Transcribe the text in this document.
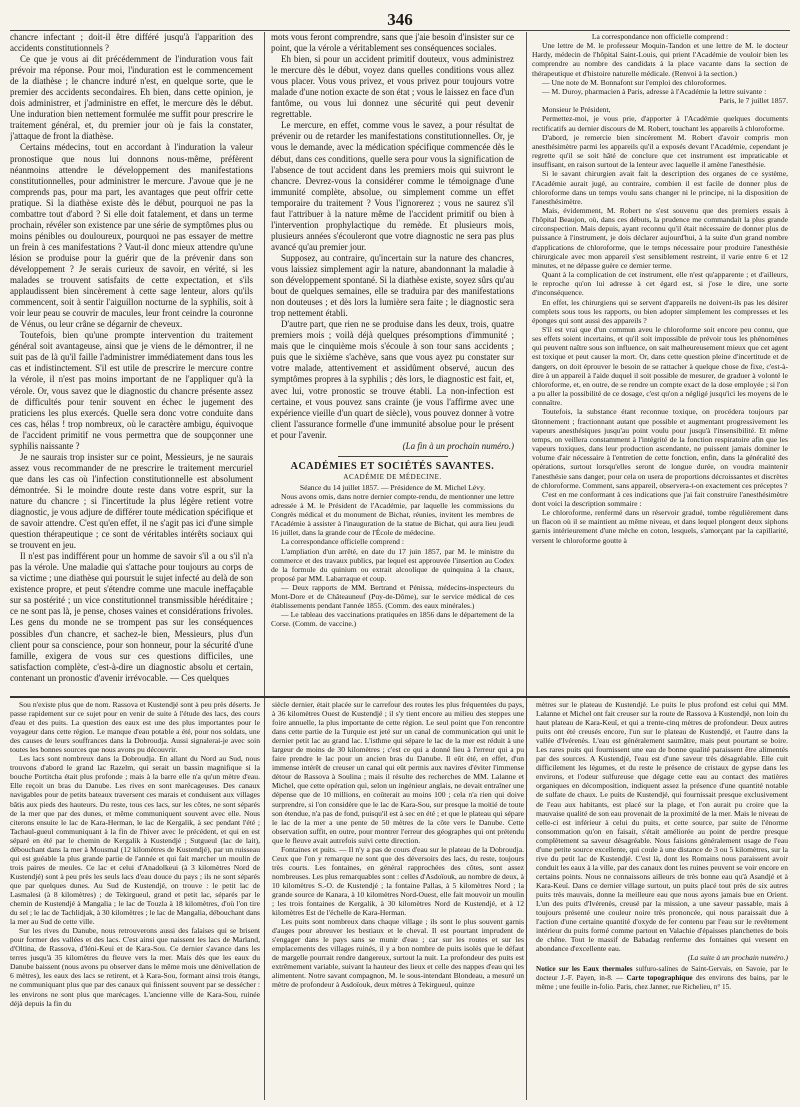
346

chancre infectant ; doit-il être différé jusqu'à l'apparition des accidents constitutionnels ?

Ce que je vous ai dit précédemment de l'induration vous fait prévoir ma réponse. Pour moi, l'induration est le commencement de la diathèse ; le chancre induré n'est, en quelque sorte, que le premier des accidents secondaires. Eh bien, dans cette opinion, je dois administrer, et j'administre en effet, le mercure dès le début. Une induration bien nettement formulée me suffit pour prescrire le traitement général, et, du premier jour où je fais la constater, j'attaque de front la diathèse.

Certains médecins, tout en accordant à l'induration la valeur pronostique que nous lui donnons nous-même, préfèrent néanmoins attendre le développement des manifestations constitutionnelles, pour administrer le mercure. J'avoue que je ne comprends pas, pour ma part, les avantages que peut offrir cette pratique. Si la diathèse existe dès le début, pourquoi ne pas la combattre tout d'abord ? Si elle doit fatalement, et dans un terme prochain, révéler son existence par une série de symptômes plus ou moins pénibles ou douloureux, pourquoi ne pas essayer de mettre un frein à ces manifestations ? Vaut-il donc mieux attendre qu'une lésion se produise pour la guérir que de la prévenir dans son développement ? Je serais curieux de savoir, en vérité, si les malades se trouvent satisfaits de cette expectation, et s'ils applaudissent bien sincèrement à cette sage lenteur, alors qu'ils commencent, soit à sentir l'aiguillon nocturne de la syphilis, soit à voir leur peau se couvrir de macules, leur front ceindre la couronne de Vénus, ou leur crâne se dégarnir de cheveux.

Toutefois, bien qu'une prompte intervention du traitement général soit avantageuse, ainsi que je viens de le démontrer, il ne suit pas de là qu'il faille l'administrer immédiatement dans tous les cas et indistinctement. S'il est utile de prescrire le mercure contre la vérole, il n'est pas moins important de ne l'appliquer qu'à la vérole. Or, vous savez que le diagnostic du chancre présente assez de difficultés pour tenir souvent en échec le jugement des praticiens les plus exercés. Quelle sera donc votre conduite dans ces cas, hélas ! trop nombreux, où le caractère ambigu, équivoque de l'accident primitif ne vous permettra que de soupçonner une syphilis naissante ?

Je ne saurais trop insister sur ce point, Messieurs, je ne saurais assez vous recommander de ne prescrire le traitement mercuriel que dans les cas où l'infection constitutionnelle est absolument démontrée. Si le moindre doute reste dans votre esprit, sur la nature du chancre ; si l'incertitude la plus légère retient votre diagnostic, je vous adjure de différer toute médication spécifique et de savoir attendre. C'est qu'en effet, il ne s'agit pas ici d'une simple question thérapeutique ; ce sont de véritables intérêts sociaux qui se trouvent en jeu.

Il n'est pas indifférent pour un homme de savoir s'il a ou s'il n'a pas la vérole. Une maladie qui s'attache pour toujours au corps de sa victime ; une diathèse qui poursuit le sujet infecté au delà de son existence propre, et peut s'étendre comme une macule ineffaçable sur sa postérité ; un vice constitutionnel transmissible héréditaire ; ce ne sont pas là, je pense, choses vaines et considérations frivoles. Les gens du monde ne se trompent pas sur les conséquences possibles d'un chancre, et sachez-le bien, Messieurs, plus d'un client pour sa conscience, pour son honneur, pour la sécurité d'une famille, exigera de vous sur ces questions difficiles, une satisfaction complète, c'est-à-dire un diagnostic absolu et certain, contenant un pronostic d'avenir irrévocable. — Ces quelques

mots vous feront comprendre, sans que j'aie besoin d'insister sur ce point, que la vérole a véritablement ses conséquences sociales.

Eh bien, si pour un accident primitif douteux, vous administrez le mercure dès le début, voyez dans quelles conditions vous allez vous placer. Vous vous privez, et vous privez pour toujours votre malade d'une notion exacte de son état ; vous le laissez en face d'un fantôme, ou vous lui donnez une sécurité qui peut devenir regrettable.

Le mercure, en effet, comme vous le savez, a pour résultat de prévenir ou de retarder les manifestations constitutionnelles. Or, je vous le demande, avec la médication spécifique commencée dès le début, dans ces conditions, quelle sera pour vous la signification de l'absence de tout accident dans les premiers mois qui suivront le chancre. Devrez-vous la considérer comme le témoignage d'une immunité complète, absolue, ou simplement comme un effet temporaire du traitement ? Vous l'ignorerez ; vous ne saurez s'il faut l'attribuer à la nature même de l'accident primitif ou bien à l'intervention prophylactique du remède. Et plusieurs mois, plusieurs années s'écouleront que votre diagnostic ne sera pas plus avancé qu'au premier jour.

Supposez, au contraire, qu'incertain sur la nature des chancres, vous laissiez simplement agir la nature, abandonnant la maladie à son développement spontané. Si la diathèse existe, soyez sûrs qu'au bout de quelques semaines, elle se traduira par des manifestations non douteuses ; et dès lors la lumière sera faite ; le diagnostic sera trop nettement établi.

D'autre part, que rien ne se produise dans les deux, trois, quatre premiers mois ; voilà déjà quelques présomptions d'immunité ; mais que le cinquième mois s'écoule à son tour sans accidents ; puis que le sixième s'achève, sans que vous ayez pu constater sur votre malade, attentivement et assidûment observé, aucun des symptômes propres à la syphilis ; dès lors, le diagnostic est fait, et, avec lui, votre pronostic se trouve établi. La non-infection est certaine, et vous pouvez sans crainte (je vous l'affirme avec une expérience vieille d'un quart de siècle), vous pouvez donner à votre client l'assurance formelle d'une immunité absolue pour le présent et pour l'avenir.

(La fin à un prochain numéro.)

ACADÉMIES ET SOCIÉTÉS SAVANTES.

ACADÉMIE DE MÉDECINE.

Séance du 14 juillet 1857. — Présidence de M. Michel Lévy.

Nous avons omis, dans notre dernier compte-rendu, de mentionner une lettre adressée à M. le Président de l'Académie, par laquelle les commissions du Congrès médical et du monument de Bichat, réunies, invitent les membres de l'Académie à assister à l'inauguration de la statue de Bichat, qui aura lieu jeudi 16 juillet, dans la grande cour de l'École de médecine.

La correspondance officielle comprend :

L'ampliation d'un arrêté, en date du 17 juin 1857, par M. le ministre du commerce et des travaux publics, par lequel est approuvée l'insertion au Codex de la formule du quinium ou extrait alcoolique de quinquina à la chaux, proposé par MM. Labarraque et coup.

— Deux rapports de MM. Bertrand et Pénissa, médecins-inspecteurs du Mont-Dore et de Châteauneuf (Puy-de-Dôme), sur le service médical de ces établissements pendant l'année 1855. (Comm. des eaux minérales.)

— Le tableau des vaccinations pratiquées en 1856 dans le département de la Corse. (Comm. de vaccine.)

La correspondance non officielle comprend :

Une lettre de M. le professeur Moquin-Tandon et une lettre de M. le docteur Hardy, médecin de l'hôpital Saint-Louis, qui prient l'Académie de vouloir bien les comprendre au nombre des candidats à la place vacante dans la section de thérapeutique et d'histoire naturelle médicale. (Renvoi à la section.)

— Une note de M. Bonnafont sur l'emploi des chloroformes.

— M. Duroy, pharmacien à Paris, adresse à l'Académie la lettre suivante :

Paris, le 7 juillet 1857.

Monsieur le Président,

Permettez-moi, je vous prie, d'apporter à l'Académie quelques documents rectificatifs au dernier discours de M. Robert, touchant les appareils à chloroforme.

D'abord, je remercie bien sincèrement M. Robert d'avoir compris mon anesthésimètre parmi les appareils qu'il a exposés devant l'Académie, cependant je regrette qu'il se soit hâté de conclure que cet instrument est impraticable et insuffisant, en raison surtout de la lenteur avec laquelle il amène l'anesthésie.

Si le savant chirurgien avait fait la description des organes de ce système, l'Académie aurait jugé, au contraire, combien il est facile de donner plus de chloroforme dans un temps voulu sans changer ni le principe, ni la disposition de l'anesthésimètre.

Mais, évidemment, M. Robert ne s'est souvenu que des premiers essais à l'hôpital Beaujon, où, dans ces débuts, la prudence me commandait la plus grande circonspection. Mais depuis, ayant reconnu qu'il était nécessaire de donner plus de puissance à l'instrument, je dois déclarer aujourd'hui, à la suite d'un grand nombre d'applications de chloroforme, que le temps nécessaire pour produire l'anesthésie chirurgicale avec mon appareil s'est sensiblement restreint, il varie entre 6 et 12 minutes, et ne dépasse guère ce dernier terme.

Quant à la complication de cet instrument, elle n'est qu'apparente ; et d'ailleurs, le reproche qu'on lui adresse à cet égard est, si j'ose le dire, une sorte d'inconséquence.

En effet, les chirurgiens qui se servent d'appareils ne doivent-ils pas les désirer complets sous tous les rapports, ou bien adopter simplement les compresses et les éponges qui sont aussi des appareils ?

S'il est vrai que d'un commun aveu le chloroforme soit encore peu connu, que ses effets soient incertains, et qu'il soit impossible de prévoir tous les phénomènes qui peuvent naître sous son influence, on sait malheureusement mieux que cet agent est toxique et peut causer la mort. Or, dans cette question pleine d'incertitude et de dangers, on doit éprouver le besoin de se rattacher à quelque chose de fixe, c'est-à-dire à un appareil à l'aide duquel il soit possible de mesurer, de graduer à volonté le chloroforme, et, en outre, de se rendre un compte exact de la dose employée ; si l'on a pu aller la possibilité de ce dosage, c'est qu'on a négligé jusqu'ici les moyens de le connaître.

Toutefois, la substance étant reconnue toxique, on procédera toujours par tâtonnement ; fractionnant autant que possible et augmentant progressivement les vapeurs anesthésiques jusqu'au point voulu pour jusqu'à l'insensibilité. Et même temps, on veillera constamment à l'intégrité de la fonction respiratoire afin que les vapeurs toxiques, dans leur production ascendante, ne puissent jamais dominer le volume d'air nécessaire à l'entretien de cette fonction, enfin, dans la généralité des opérations, surtout lorsqu'elles seront de longue durée, on voudra maintenir l'anesthésie sans danger, pour cela on usera de proportions décroissantes et discrètes de chloroforme. Comment, sans appareil, observera-t-on exactement ces préceptes ?

C'est en me conformant à ces indications que j'ai fait construire l'anesthésimètre dont voici la description sommaire :

Le chloroforme, renfermé dans un réservoir gradué, tombe régulièrement dans un flacon où il se maintient au même niveau, et dans lequel plongent deux siphons garnis intérieurement d'une mèche en coton, lesquels, s'amorçant par la capillarité, versent le chloroforme goutte à

Sou n'existe plus que de nom. Rassova et Kustendjé sont à peu près déserts. Je passe rapidement sur ce sujet pour en venir de suite à l'étude des lacs, des cours d'eau et des puits. La question des eaux est une des plus importantes pour le voyageur dans cette région. Le manque d'eau potable a été, pour nos soldats, une des causes de leurs souffrances dans la Dobroudja. Aussi signalerai-je avec soin toutes les bonnes sources que nous avons pu découvrir.

Les lacs sont nombreux dans la Dobroudja. En allant du Nord au Sud, nous trouvons d'abord le grand lac Razelm, qui serait un bassin magnifique si la bouche Portitcha était plus profonde ; mais à la barre elle n'a qu'un mètre d'eau. Elle reçoit un bras du Danube. Les rives en sont marécageuses. Des canaux navigables pour de petits bateaux traversent ces marais et conduisent aux villages bâtis aux pieds des hauteurs. Du reste, tous ces lacs, sur les côtes, ne sont séparés de la mer que par des dunes, et même communiquent souvent avec elle. Nous citerons ensuite le lac de Kara-Herman, le lac de Kergalik, à sec pendant l'été ; Tachaul-gueul communiquant à la fin de l'hiver avec le précédent, et qui en est séparé en été par le chemin de Kergalik à Kustendjé ; Sutgueul (lac de lait), débouchant dans la mer à Mousmal (12 kilomètres de Kustendjé), par un ruisseau qui est guéable la plus grande partie de l'année et qui fait marcher un moulin de trois paires de meules. Ce lac et celui d'Anadolkeui (à 3 kilomètres Nord de Kustendjé) sont à peu près les seuls lacs d'eau douce du pays ; ils ne sont séparés que par quelques dunes. Au Sud de Kustendjé, on trouve : le petit lac de Lasmalesi (à 8 kilomètres) ; de Tekirgueul, grand et petit lac, séparés par le chemin de Kustendjé à Mangalia ; le lac de Touzla à 18 kilomètres, d'où l'on tire du sel ; le lac de Tachlidjak, à 30 kilomètres ; le lac de Mangalia, débouchant dans la mer au Sud de cette ville.

Sur les rives du Danube, nous retrouverons aussi des falaises qui se brisent pour former des vallées et des lacs. C'est ainsi que naissent les lacs de Marland, d'Oltina, de Rassova, d'Iéni-Keui et de Kara-Sou. Ce dernier s'avance dans les terres jusqu'à 35 kilomètres du fleuve vers la mer. Mais dès que les eaux du Danube baissent (nous avons pu observer dans le même mois une dénivellation de 6 mètres), les eaux des lacs se retirent, et à Kara-Sou, formant ainsi trois étangs, ne communiquant plus que par des canaux qui finissent souvent par se dessécher : les environs ne sont plus que marécages. L'ancienne ville de Kara-Sou, ruinée déjà depuis la fin du

siècle dernier, était placée sur le carrefour des routes les plus fréquentées du pays, à 36 kilomètres Ouest de Kustendjé ; il s'y tient encore au milieu des steppes une foire annuelle, la plus importante de cette région. Le seul point que l'on rencontre dans cette partie de la Turquie est jeté sur un canal de communication qui unit le dernier petit lac au grand lac. L'isthme qui sépare le lac de la mer est réduit à une largeur de moins de 30 kilomètres ; c'est ce qui a donné lieu à l'erreur qui a pu faire prendre le lac pour un ancien bras du Danube. Il eût été, en effet, d'un immense intérêt de creuser un canal qui eût permis aux navires d'éviter l'immense détour de Rassova à Soulina ; mais il résulte des recherches de MM. Lalanne et Michel, que cette opération qui, selon un ingénieur anglais, ne devait entraîner une dépense que de 10 millions, en coûterait au moins 100 ; cela n'a rien qui doive surprendre, si l'on considère que le lac de Kara-Sou, sur presque la moitié de toute son étendue, n'a pas de fond, puisqu'il est à sec en été ; et que le plateau qui sépare le lac de la mer a une pente de 50 mètres de la côte vers le Danube. Cette observation suffit, en outre, pour montrer l'erreur des géographes qui ont prétendu que le fleuve avait autrefois suivi cette direction.

Fontaines et puits. — Il n'y a pas de cours d'eau sur le plateau de la Dobroudja. Ceux que l'on y remarque ne sont que des déversoirs des lacs, du reste, toujours très courts. Les fontaines, en général rapprochées des côtes, sont assez nombreuses. Les plus remarquables sont : celles d'Asdoïouk, au nombre de deux, à 10 kilomètres S.-O. de Kustendjé ; la fontaine Pallas, à 5 kilomètres Nord ; la grande source de Kanara, à 10 kilomètres Nord-Ouest, elle fait mouvoir un moulin ; les trois fontaines de Kergalik, à 30 kilomètres Nord de Kustendjé, et à 12 kilomètres Est de l'échelle de Kara-Herman.

Les puits sont nombreux dans chaque village ; ils sont le plus souvent garnis d'auges pour abreuver les bestiaux et le cheval. Il est pourtant imprudent de s'engager dans le pays sans se munir d'eau ; car sur les routes et sur les emplacements des villages ruinés, il y a bon nombre de puits isolés que le défaut de margelle pourrait rendre dangereux, surtout la nuit. La profondeur des puits est extrêmement variable, suivant la hauteur des lieux et celle des nappes d'eau qui les alimentent. Notre savant compagnon, M. le sous-intendant Blondeau, a mesuré un mètre de profondeur à Asdoïouk, deux mètres à Tekirgueul, quinze

mètres sur le plateau de Kustendjé. Le puits le plus profond est celui qui MM. Lalanne et Michel ont fait creuser sur la route de Rassova à Kustendjé, non loin du haut plateau de Kara-Keuï, et qui a trente-cinq mètres de profondeur. Deux autres puits ont été creusés encore, l'un sur le plateau de Kustendjé, et l'autre dans la vallée d'Ivérenès. L'eau est généralement saumâtre, mais peut pourtant se boire. Les rares puits qui fournissent une eau de bonne qualité paraissent être alimentés par des sources. A Kustendjé, l'eau est d'une saveur très désagréable. Elle cuit difficilement les légumes, et du reste le présence de cristaux de gypse dans les environs, et l'odeur sulfureuse que dégage cette eau au contact des matières organiques en décomposition, indiquent assez la présence d'une quantité notable de sulfate de chaux. Le puits de Kustendjé, qui fournissait presque exclusivement de l'eau aux habitants, est placé sur la plage, et l'on aurait pu croire que la mauvaise qualité de son eau provenait de la proximité de la mer. Mais le niveau de celle-ci est inférieur à celui du puits, et cette source, par suite de l'énorme consommation qu'on en faisait, s'était améliorée au point de perdre presque complètement sa saveur désagréable. Nous faisions généralement usage de l'eau d'une petite source excellente, qui coule à une distance de 3 ou 5 kilomètres, sur la rive du petit lac de Kustendjé. C'est là, dont les Romains nous paraissent avoir conduit les eaux à la ville, par des canaux dont les ruines peuvent se voir encore en certains points. Nous ne connaissons ailleurs de très bonne eau qu'à Asandjé et à Kara-Keuï. Dans ce dernier village surtout, un puits placé tout près de six autres puits très mauvais, donne la meilleure eau que nous ayons jamais bue en Orient. L'un des puits d'Ivérenès, creusé par la mission, a une saveur passable, mais à toujours présenté une couleur noire très prononcée, qui nous paraissait due à l'action d'une certaine quantité d'oxyde de fer contenu par l'eau sur le revêtement intérieur du puits formé comme partout en Valachie d'épaisses planchettes de bois de chêne. Tout le massif de Babadag renferme des fontaines qui versent en abondance d'excellente eau.

(La suite à un prochain numéro.)

Notice sur les Eaux thermales sulfuro-salines de Saint-Gervais, en Savoie, par le docteur J.-F. Payen, in-8. — Carte topographique des environs des bains, par le même ; une feuille in-folio. Paris, chez Janner, rue Richelieu, n° 15.
